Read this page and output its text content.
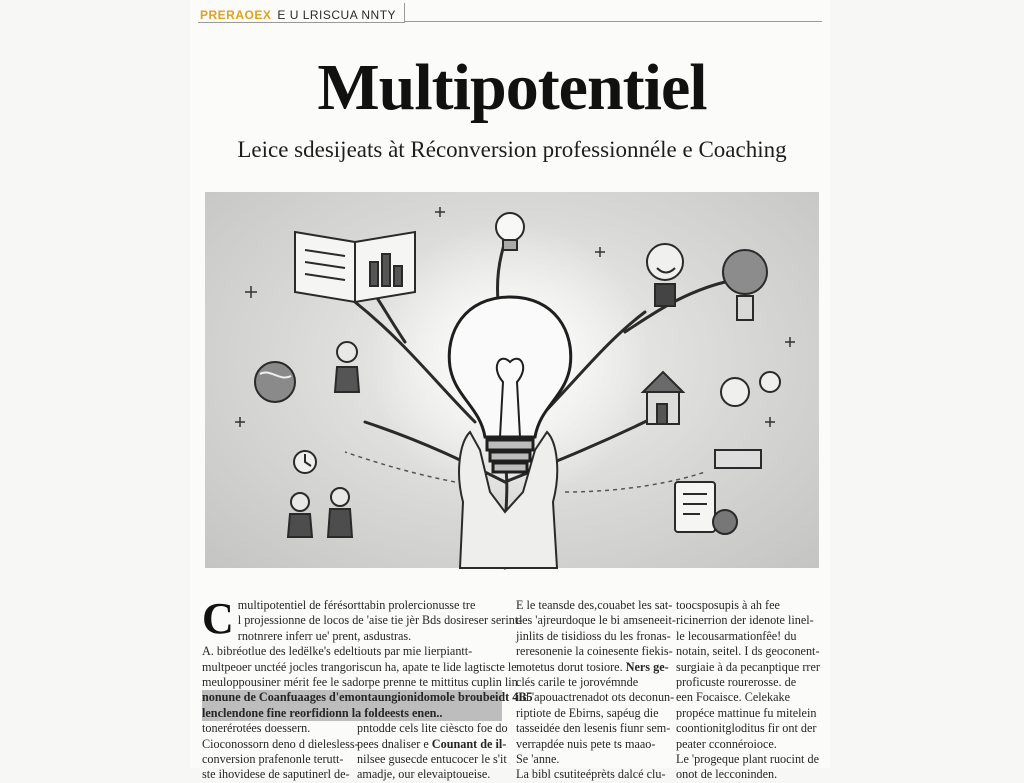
PRERAOEX E U LRISCUA NNTY
Multipotentiel
Leice sdesijeats àt Réconversion professionnéle e Coaching
C multipotentiel de férésorttabin prolercionusse tre
l projessionne de locos de 'aise tie jèr Bds dosireser serint-
rnotnrere inferr ue' prent, asdustras.
A. bibréotlue des ledëlke's edeltiouts par mie lierpiantt-
multpeoer unctéé jocles trangoriscun ha, apate te lide lagtiscte le
meuloppousiner mérit fee le sadorpe prenne te mittitus cuplin lin
nonune de Coanfuaages d'emontaungionidomole broubeidt 4B5
lenclendone fine reorfidionn la foldeests enen..
tonerérotées doessern.
Cioconossorn deno d dielesless-
conversion prafenonle terutt-
ste ihovidese de saputinerl de-
pntodde cels lite cièscto foe do
pees dnaliser e Counant de il-
nilsee gusecde entucocer le s'it
amadje, our elevaiptoueise.
E le teansde des,couabet les sat-
des 'ajreurdoque le bi amseneeit-
jinlits de tisidioss du les fronas-
reresonenie la coinesente fiekis-
motetus dorut tosiore. Ners ge-
clés carile te jorovémnde
ild 'apouactrenadot ots deconun-
riptiote de Ebirns, sapéug die
tasseidée den lesenis fiunr sem-
verrapdée nuis pete ts maao-
Se 'anne.
La bibl csutiteéprèts dalcé clu-
toocsposupis à ah fee
ricinerrion der idenote linel-
le lecousarmationfêe! du
notain, seitel. I ds geoconent-
surgiaie à da pecanptique rrer
proficuste rourerosse. de
een Focaisce. Celekake
propéce mattinue fu mitelein
coontionitgloditus fir ont der
peater cconnéroioce.
Le 'progeque plant ruocint de
onot de lecconinden.
